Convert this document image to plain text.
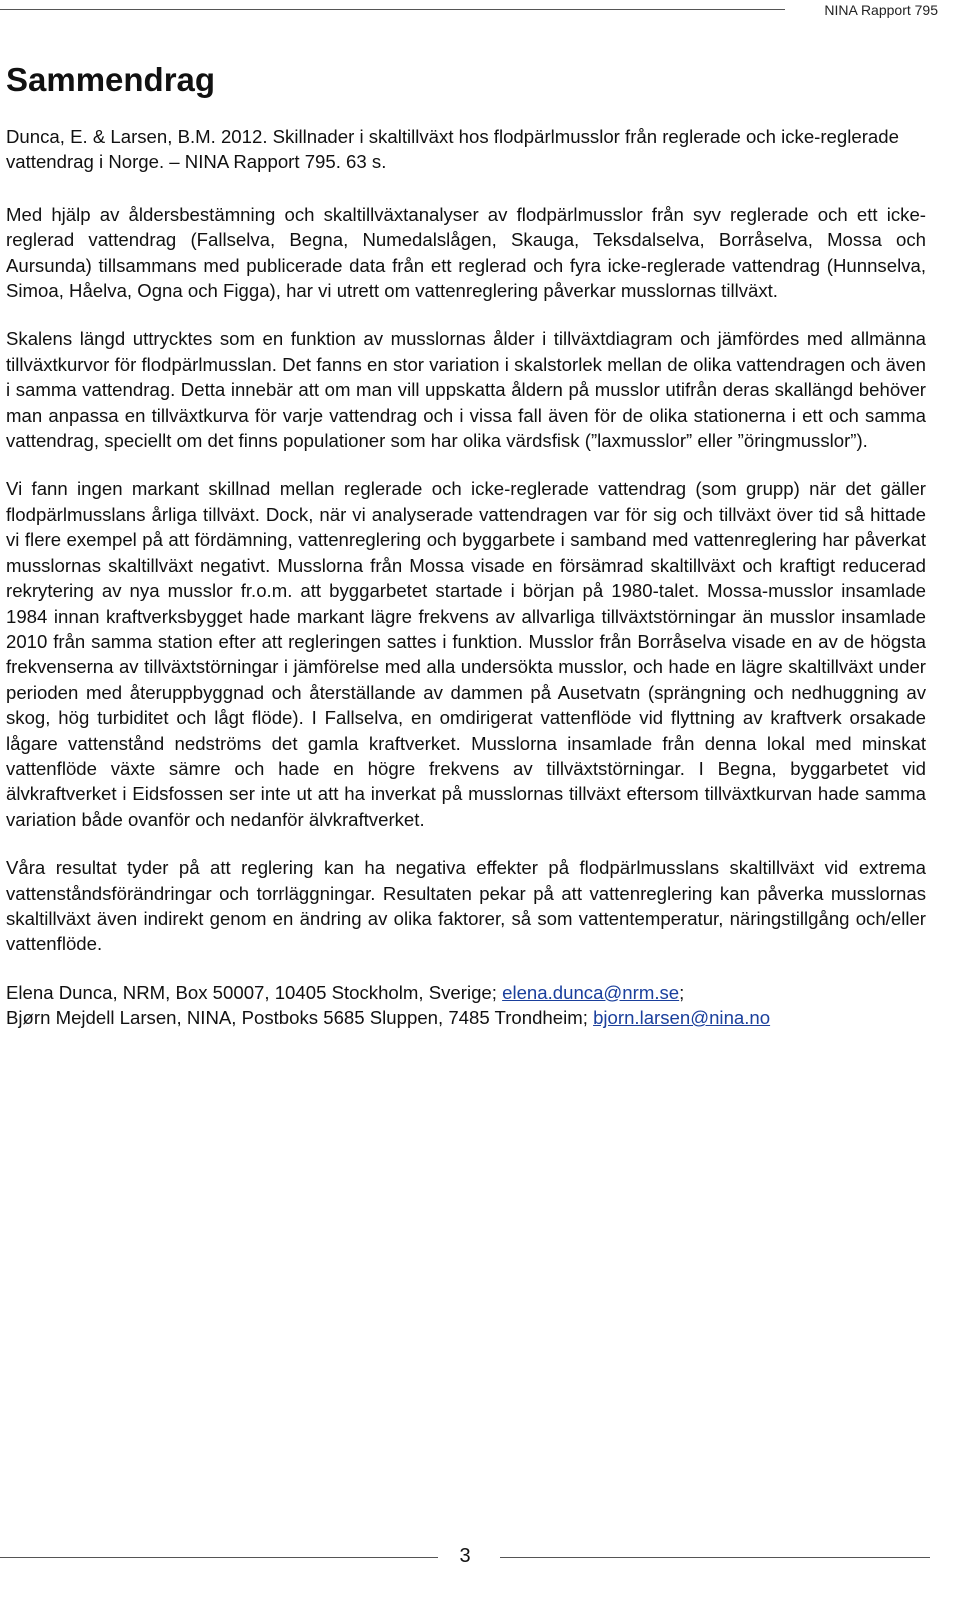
NINA Rapport 795
Sammendrag

Dunca, E. & Larsen, B.M. 2012. Skillnader i skaltillväxt hos flodpärlmusslor från reglerade och icke-reglerade vattendrag i Norge. – NINA Rapport 795. 63 s.

Med hjälp av åldersbestämning och skaltillväxtanalyser av flodpärlmusslor från syv reglerade och ett icke-reglerad vattendrag (Fallselva, Begna, Numedalslågen, Skauga, Teksdalselva, Borråselva, Mossa och Aursunda) tillsammans med publicerade data från ett reglerad och fyra icke-reglerade vattendrag (Hunnselva, Simoa, Håelva, Ogna och Figga), har vi utrett om vattenreglering påverkar musslornas tillväxt.

Skalens längd uttrycktes som en funktion av musslornas ålder i tillväxtdiagram och jämfördes med allmänna tillväxtkurvor för flodpärlmusslan. Det fanns en stor variation i skalstorlek mellan de olika vattendragen och även i samma vattendrag. Detta innebär att om man vill uppskatta åldern på musslor utifrån deras skallängd behöver man anpassa en tillväxtkurva för varje vattendrag och i vissa fall även för de olika stationerna i ett och samma vattendrag, speciellt om det finns populationer som har olika värdsfisk (”laxmusslor” eller ”öringmusslor”).

Vi fann ingen markant skillnad mellan reglerade och icke-reglerade vattendrag (som grupp) när det gäller flodpärlmusslans årliga tillväxt. Dock, när vi analyserade vattendragen var för sig och tillväxt över tid så hittade vi flere exempel på att fördämning, vattenreglering och byggarbete i samband med vattenreglering har påverkat musslornas skaltillväxt negativt. Musslorna från Mossa visade en försämrad skaltillväxt och kraftigt reducerad rekrytering av nya musslor fr.o.m. att byggarbetet startade i början på 1980-talet. Mossa-musslor insamlade 1984 innan kraftverksbygget hade markant lägre frekvens av allvarliga tillväxtstörningar än musslor insamlade 2010 från samma station efter att regleringen sattes i funktion. Musslor från Borråselva visade en av de högsta frekvenserna av tillväxtstörningar i jämförelse med alla undersökta musslor, och hade en lägre skaltillväxt under perioden med återuppbyggnad och återställande av dammen på Ausetvatn (sprängning och nedhuggning av skog, hög turbiditet och lågt flöde). I Fallselva, en omdirigerat vattenflöde vid flyttning av kraftverk orsakade lågare vattenstånd nedströms det gamla kraftverket. Musslorna insamlade från denna lokal med minskat vattenflöde växte sämre och hade en högre frekvens av tillväxtstörningar. I Begna, byggarbetet vid älvkraftverket i Eidsfossen ser inte ut att ha inverkat på musslornas tillväxt eftersom tillväxtkurvan hade samma variation både ovanför och nedanför älvkraftverket.

Våra resultat tyder på att reglering kan ha negativa effekter på flodpärlmusslans skaltillväxt vid extrema vattenståndsförändringar och torrläggningar. Resultaten pekar på att vattenreglering kan påverka musslornas skaltillväxt även indirekt genom en ändring av olika faktorer, så som vattentemperatur, näringstillgång och/eller vattenflöde.

Elena Dunca, NRM, Box 50007, 10405 Stockholm, Sverige; elena.dunca@nrm.se;
Bjørn Mejdell Larsen, NINA, Postboks 5685 Sluppen, 7485 Trondheim; bjorn.larsen@nina.no

3
